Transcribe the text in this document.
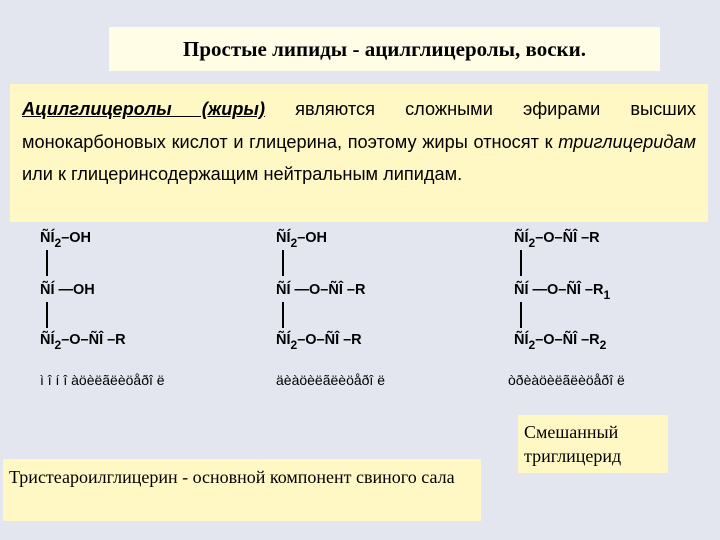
Простые липиды - ацилглицеролы, воски.
Ацилглицеролы (жиры) являются сложными эфирами высших монокарбоновых кислот и глицерина, поэтому жиры относят к триглицеридам или к глицеринсодержащим нейтральным липидам.
$ÑÍ_2-OH$
ÑÍ —OH
$ÑÍ_2-O-ÑÎ$ –R
ì î í î àöèëãëèöåðî ë
$ÑÍ_2-OH$
ÑÍ —O–ÑÎ –R
$ÑÍ_2-O-ÑÎ$ –R
äèàöèëãëèöåðî ë
$ÑÍ_2-O-ÑÎ$ –R
ÑÍ —O–ÑÎ $-R_1$
$ÑÍ_2-O-ÑÎ$ $-R_2$
òðèàöèëãëèöåðî ë
Смешанный триглицерид
Тристеароилглицерин - основной компонент свиного сала
